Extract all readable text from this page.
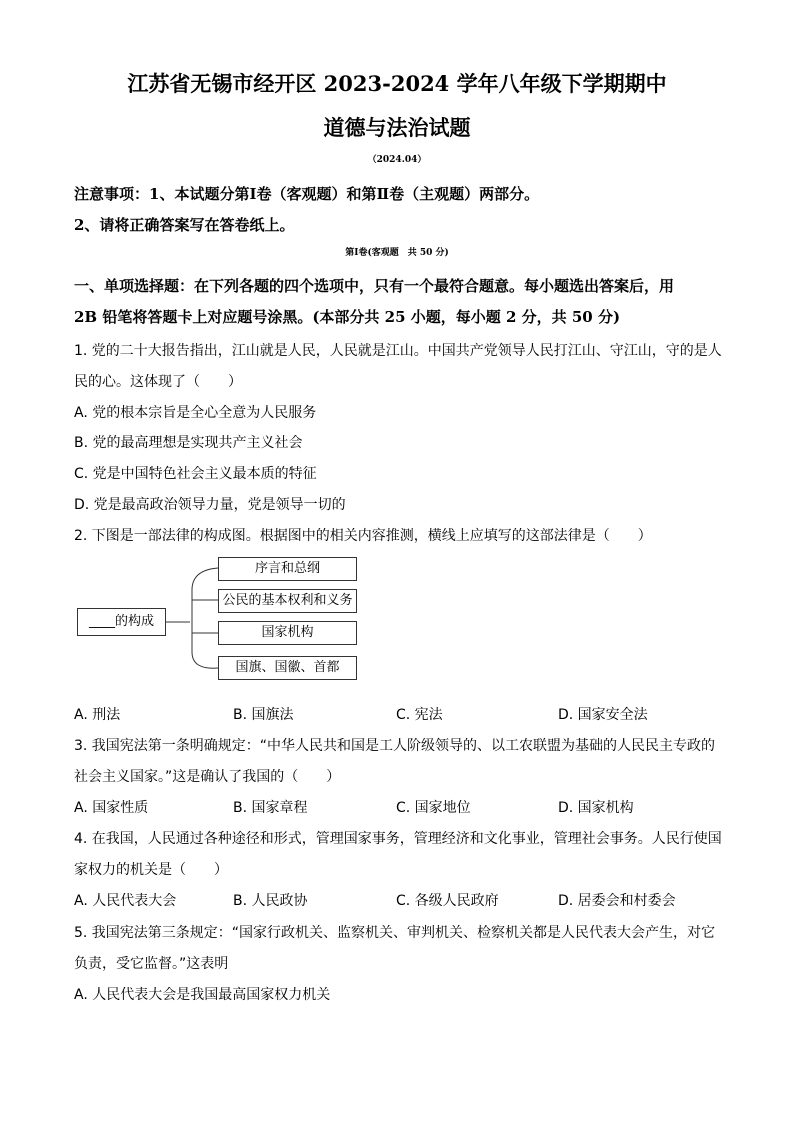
江苏省无锡市经开区 2023-2024 学年八年级下学期期中
道德与法治试题
（2024.04）
注意事项：1、本试题分第Ⅰ卷（客观题）和第Ⅱ卷（主观题）两部分。
2、请将正确答案写在答卷纸上。
第Ⅰ卷(客观题　共 50 分)
一、单项选择题：在下列各题的四个选项中，只有一个最符合题意。每小题选出答案后，用
2B 铅笔将答题卡上对应题号涂黑。(本部分共 25 小题，每小题 2 分，共 50 分)
1. 党的二十大报告指出，江山就是人民，人民就是江山。中国共产党领导人民打江山、守江山，守的是人
民的心。这体现了（　　）
A. 党的根本宗旨是全心全意为人民服务
B. 党的最高理想是实现共产主义社会
C. 党是中国特色社会主义最本质的特征
D. 党是最高政治领导力量，党是领导一切的
2. 下图是一部法律的构成图。根据图中的相关内容推测，横线上应填写的这部法律是（　　）
____的构成
序言和总纲
公民的基本权利和义务
国家机构
国旗、国徽、首都
A. 刑法	B. 国旗法	C. 宪法	D. 国家安全法
3. 我国宪法第一条明确规定：“中华人民共和国是工人阶级领导的、以工农联盟为基础的人民民主专政的
社会主义国家。”这是确认了我国的（　　）
A. 国家性质	B. 国家章程	C. 国家地位	D. 国家机构
4. 在我国，人民通过各种途径和形式，管理国家事务，管理经济和文化事业，管理社会事务。人民行使国
家权力的机关是（　　）
A. 人民代表大会	B. 人民政协	C. 各级人民政府	D. 居委会和村委会
5. 我国宪法第三条规定：“国家行政机关、监察机关、审判机关、检察机关都是人民代表大会产生，对它
负责，受它监督。”这表明
A. 人民代表大会是我国最高国家权力机关
